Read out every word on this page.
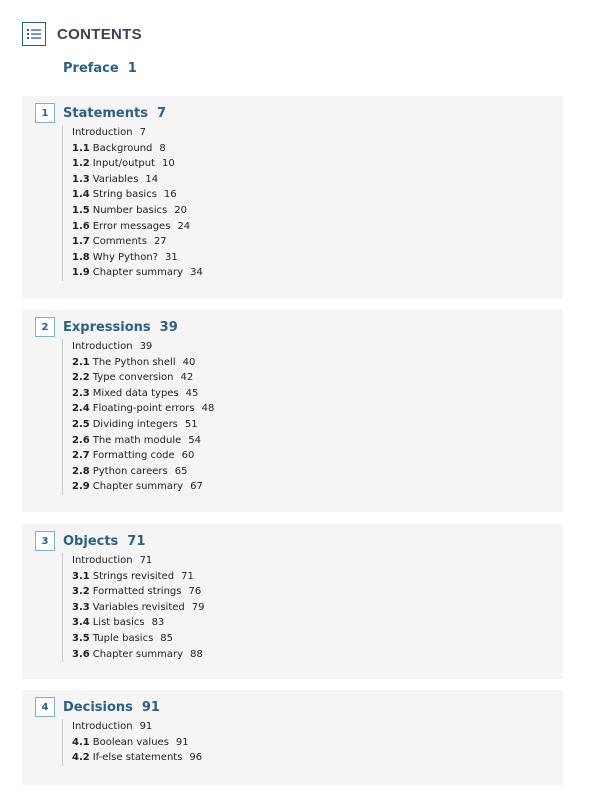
CONTENTS
Preface 1
1	Statements 7
Introduction 7
1.1 Background 8
1.2 Input/output 10
1.3 Variables 14
1.4 String basics 16
1.5 Number basics 20
1.6 Error messages 24
1.7 Comments 27
1.8 Why Python? 31
1.9 Chapter summary 34
2	Expressions 39
Introduction 39
2.1 The Python shell 40
2.2 Type conversion 42
2.3 Mixed data types 45
2.4 Floating-point errors 48
2.5 Dividing integers 51
2.6 The math module 54
2.7 Formatting code 60
2.8 Python careers 65
2.9 Chapter summary 67
3	Objects 71
Introduction 71
3.1 Strings revisited 71
3.2 Formatted strings 76
3.3 Variables revisited 79
3.4 List basics 83
3.5 Tuple basics 85
3.6 Chapter summary 88
4	Decisions 91
Introduction 91
4.1 Boolean values 91
4.2 If-else statements 96
